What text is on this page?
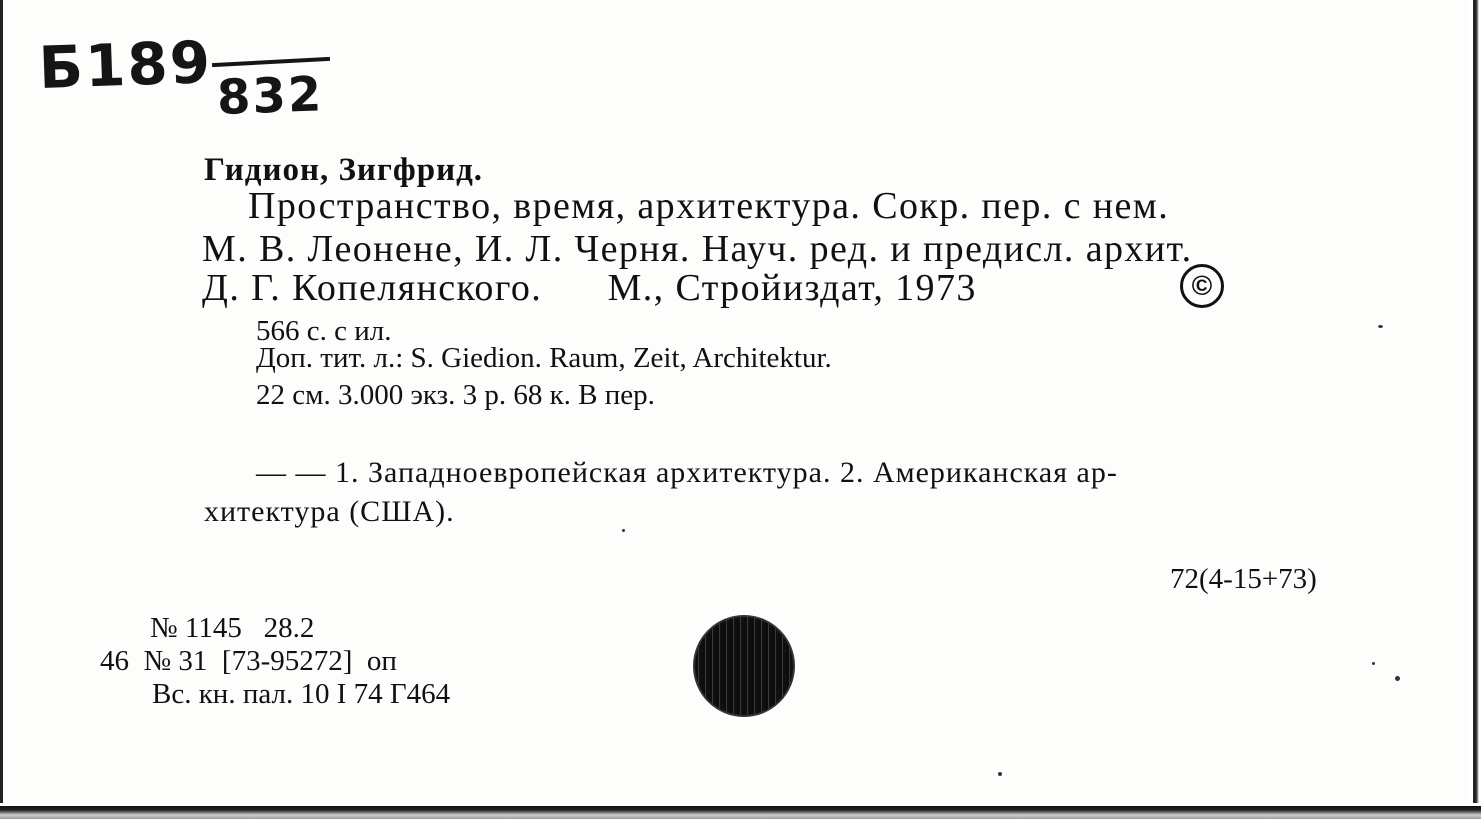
Б189 832
Гидион, Зигфрид.
Пространство, время, архитектура. Сокр. пер. с нем.
М. В. Леонене, И. Л. Черня. Науч. ред. и предисл. архит.
Д. Г. Копелянского.      М., Стройиздат, 1973	©
566 с. с ил.
Доп. тит. л.: S. Giedion. Raum, Zeit, Architektur.
22 см. 3.000 экз. 3 р. 68 к. В пер.
— — 1. Западноевропейская архитектура. 2. Американская ар-
хитектура (США).
72(4-15+73)
№ 1145   28.2
46  № 31  [73-95272]  оп
Вс. кн. пал. 10 I 74 Г464
